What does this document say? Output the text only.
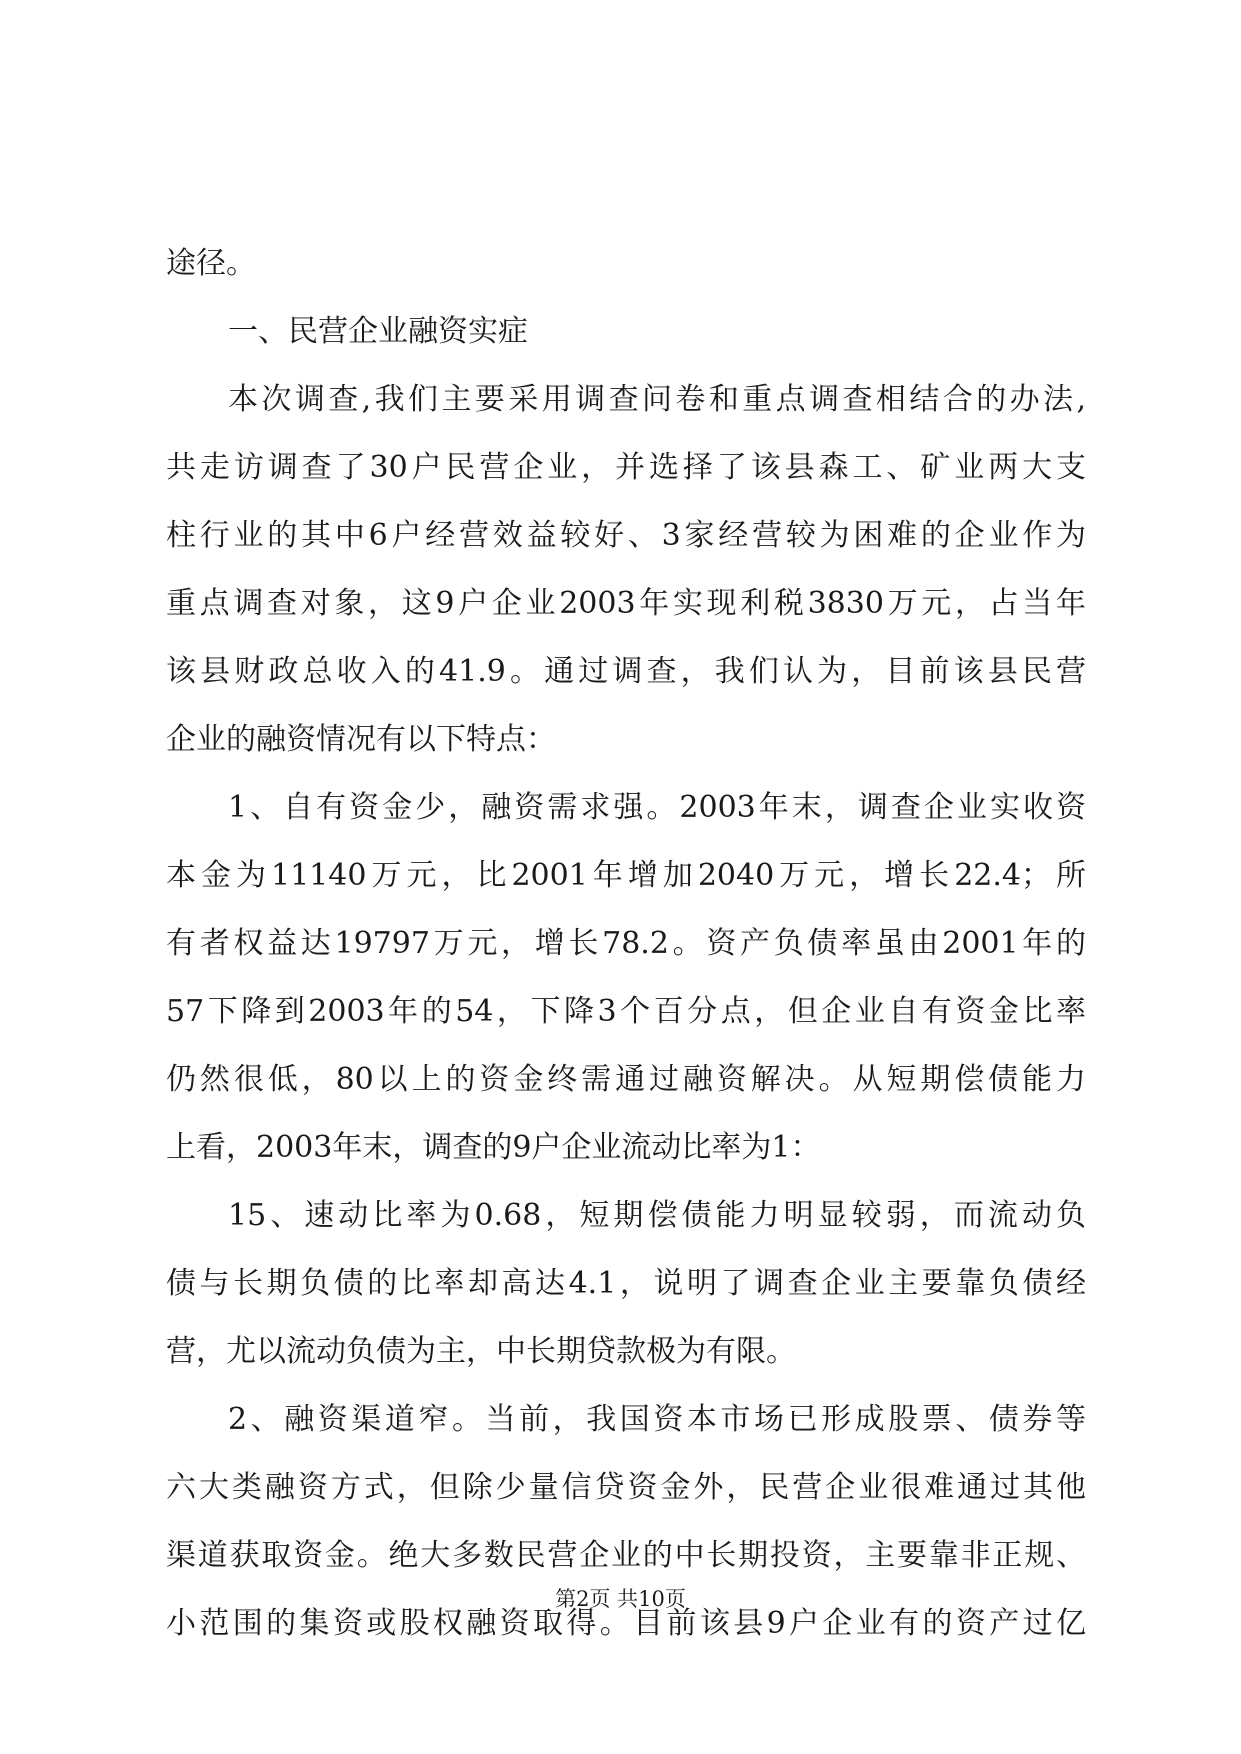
途径。
一、民营企业融资实症
本次调查,我们主要采用调查问卷和重点调查相结合的办法,
共走访调查了30户民营企业，并选择了该县森工、矿业两大支
柱行业的其中6户经营效益较好、3家经营较为困难的企业作为
重点调查对象，这9户企业2003年实现利税3830万元，占当年
该县财政总收入的41.9。通过调查，我们认为，目前该县民营
企业的融资情况有以下特点：
1、自有资金少，融资需求强。2003年末，调查企业实收资
本金为11140万元，比2001年增加2040万元，增长22.4；所
有者权益达19797万元，增长78.2。资产负债率虽由2001年的
57下降到2003年的54，下降3个百分点，但企业自有资金比率
仍然很低，80以上的资金终需通过融资解决。从短期偿债能力
上看，2003年末，调查的9户企业流动比率为1：
15、速动比率为0.68，短期偿债能力明显较弱，而流动负
债与长期负债的比率却高达4.1，说明了调查企业主要靠负债经
营，尤以流动负债为主，中长期贷款极为有限。
2、融资渠道窄。当前，我国资本市场已形成股票、债券等
六大类融资方式，但除少量信贷资金外，民营企业很难通过其他
渠道获取资金。绝大多数民营企业的中长期投资，主要靠非正规、
小范围的集资或股权融资取得。目前该县9户企业有的资产过亿
第2页 共10页
